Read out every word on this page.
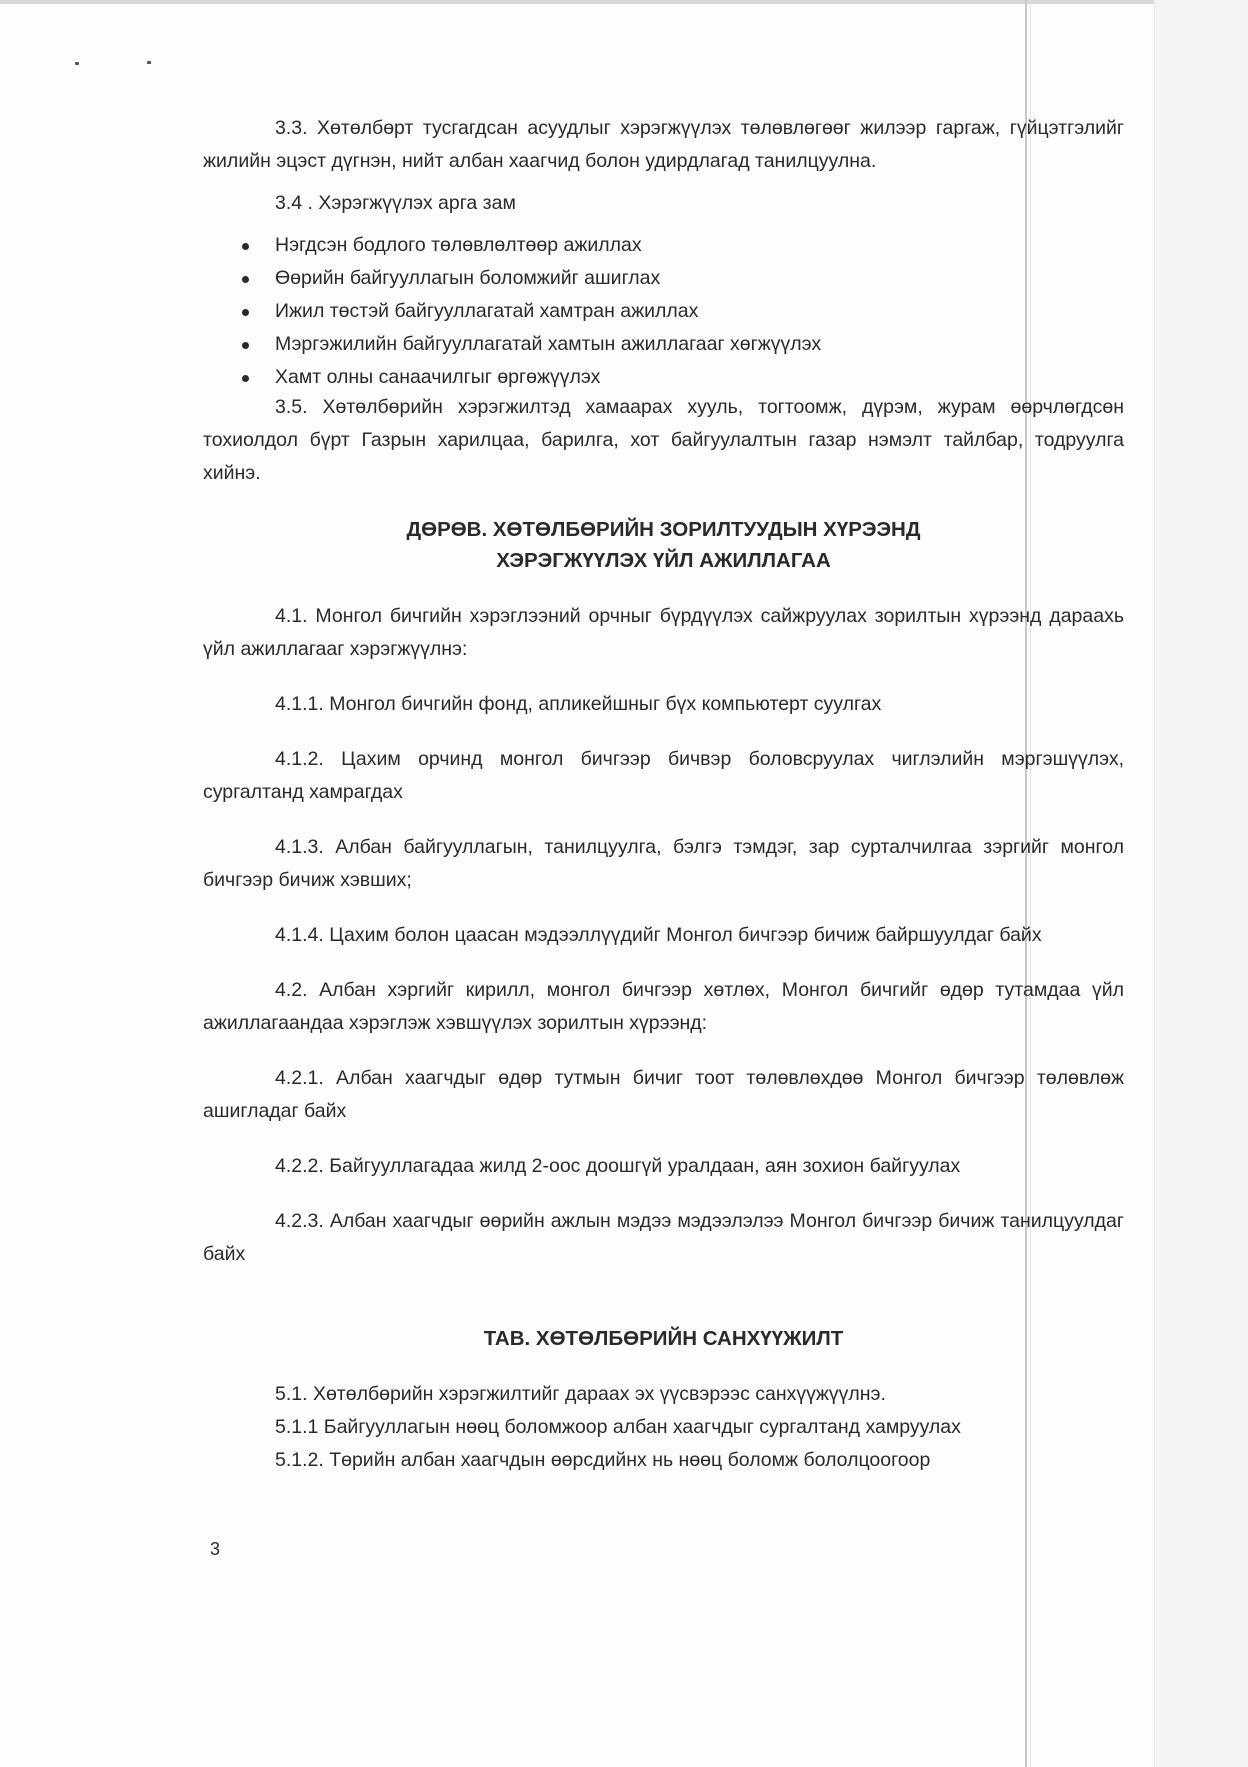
3.3. Хөтөлбөрт тусгагдсан асуудлыг хэрэгжүүлэх төлөвлөгөөг жилээр гаргаж, гүйцэтгэлийг жилийн эцэст дүгнэн, нийт албан хаагчид болон удирдлагад танилцуулна.

3.4 . Хэрэгжүүлэх арга зам

Нэгдсэн бодлого төлөвлөлтөөр ажиллах
Өөрийн байгууллагын боломжийг ашиглах
Ижил төстэй байгууллагатай хамтран ажиллах
Мэргэжилийн байгууллагатай хамтын ажиллагааг хөгжүүлэх
Хамт олны санаачилгыг өргөжүүлэх

3.5. Хөтөлбөрийн хэрэгжилтэд хамаарах хууль, тогтоомж, дүрэм, журам өөрчлөгдсөн тохиолдол бүрт Газрын харилцаа, барилга, хот байгуулалтын газар нэмэлт тайлбар, тодруулга хийнэ.

ДӨРӨВ. ХӨТӨЛБӨРИЙН ЗОРИЛТУУДЫН ХҮРЭЭНД

ХЭРЭГЖҮҮЛЭХ ҮЙЛ АЖИЛЛАГАА

4.1. Монгол бичгийн хэрэглээний орчныг бүрдүүлэх сайжруулах зорилтын хүрээнд дараахь үйл ажиллагааг хэрэгжүүлнэ:

4.1.1. Монгол бичгийн фонд, апликейшныг бүх компьютерт суулгах

4.1.2. Цахим орчинд монгол бичгээр бичвэр боловсруулах чиглэлийн мэргэшүүлэх, сургалтанд хамрагдах

4.1.3. Албан байгууллагын, танилцуулга, бэлгэ тэмдэг, зар сурталчилгаа зэргийг монгол бичгээр бичиж хэвших;

4.1.4. Цахим болон цаасан мэдээллүүдийг Монгол бичгээр бичиж байршуулдаг байх

4.2. Албан хэргийг кирилл, монгол бичгээр хөтлөх, Монгол бичгийг өдөр тутамдаа үйл ажиллагаандаа хэрэглэж хэвшүүлэх зорилтын хүрээнд:

4.2.1. Албан хаагчдыг өдөр тутмын бичиг тоот төлөвлөхдөө Монгол бичгээр төлөвлөж ашигладаг байх

4.2.2. Байгууллагадаа жилд 2-оос доошгүй уралдаан, аян зохион байгуулах

4.2.3. Албан хаагчдыг өөрийн ажлын мэдээ мэдээлэлээ Монгол бичгээр бичиж танилцуулдаг байх

ТАВ. ХӨТӨЛБӨРИЙН САНХҮҮЖИЛТ

5.1. Хөтөлбөрийн хэрэгжилтийг дараах эх үүсвэрээс санхүүжүүлнэ.

5.1.1 Байгууллагын нөөц боломжоор албан хаагчдыг сургалтанд хамруулах

5.1.2. Төрийн албан хаагчдын өөрсдийнх нь нөөц боломж бололцоогоор

3
